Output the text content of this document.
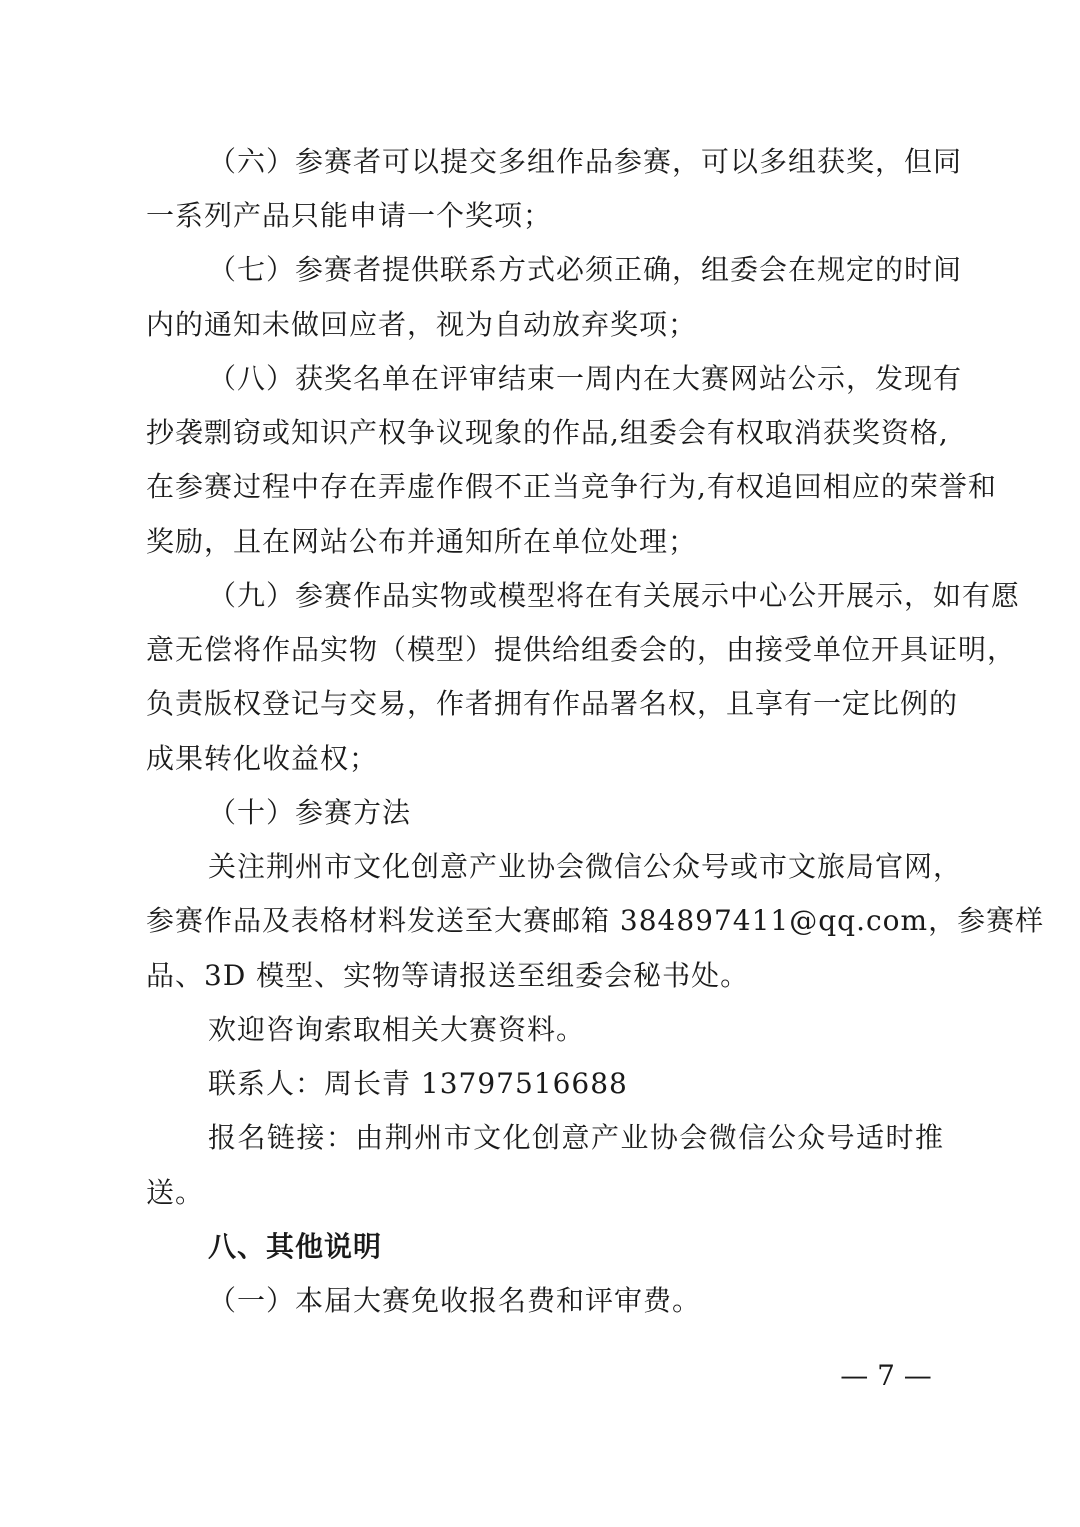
（六）参赛者可以提交多组作品参赛，可以多组获奖，但同
一系列产品只能申请一个奖项；
（七）参赛者提供联系方式必须正确，组委会在规定的时间
内的通知未做回应者，视为自动放弃奖项；
（八）获奖名单在评审结束一周内在大赛网站公示，发现有
抄袭剽窃或知识产权争议现象的作品,组委会有权取消获奖资格,
在参赛过程中存在弄虚作假不正当竞争行为,有权追回相应的荣誉和
奖励，且在网站公布并通知所在单位处理；
（九）参赛作品实物或模型将在有关展示中心公开展示，如有愿
意无偿将作品实物（模型）提供给组委会的，由接受单位开具证明，
负责版权登记与交易，作者拥有作品署名权，且享有一定比例的
成果转化收益权；
（十）参赛方法
关注荆州市文化创意产业协会微信公众号或市文旅局官网，
参赛作品及表格材料发送至大赛邮箱 384897411@qq.com，参赛样
品、3D 模型、实物等请报送至组委会秘书处。
欢迎咨询索取相关大赛资料。
联系人：周长青 13797516688
报名链接：由荆州市文化创意产业协会微信公众号适时推
送。
八、其他说明
（一）本届大赛免收报名费和评审费。
— 7 —
